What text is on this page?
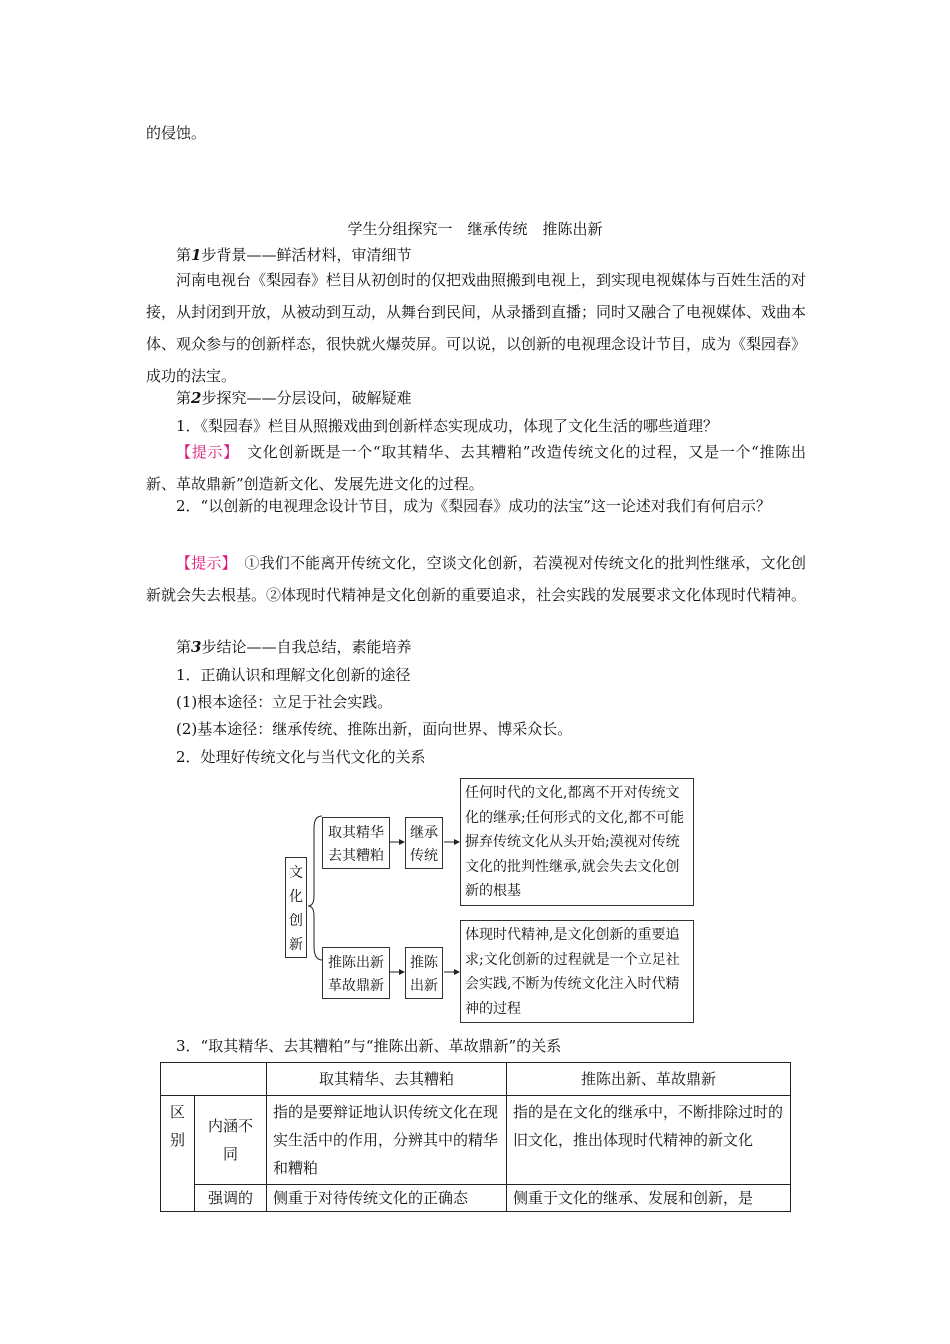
的侵蚀。
学生分组探究一　继承传统　推陈出新
第1步背景——鲜活材料，审清细节
河南电视台《梨园春》栏目从初创时的仅把戏曲照搬到电视上，到实现电视媒体与百姓生活的对接，从封闭到开放，从被动到互动，从舞台到民间，从录播到直播；同时又融合了电视媒体、戏曲本体、观众参与的创新样态，很快就火爆荧屏。可以说，以创新的电视理念设计节目，成为《梨园春》成功的法宝。
第2步探究——分层设问，破解疑难
1．《梨园春》栏目从照搬戏曲到创新样态实现成功，体现了文化生活的哪些道理？
【提示】　 文化创新既是一个“取其精华、去其糟粕”改造传统文化的过程，又是一个“推陈出新、革故鼎新”创造新文化、发展先进文化的过程。
2．“以创新的电视理念设计节目，成为《梨园春》成功的法宝”这一论述对我们有何启示？
【提示】　 ①我们不能离开传统文化，空谈文化创新，若漠视对传统文化的批判性继承，文化创新就会失去根基。②体现时代精神是文化创新的重要追求，社会实践的发展要求文化体现时代精神。
第3步结论——自我总结，素能培养
1．正确认识和理解文化创新的途径
(1)根本途径：立足于社会实践。
(2)基本途径：继承传统、推陈出新，面向世界、博采众长。
2．处理好传统文化与当代文化的关系
文
化
创
新
取其精华去其糟粕
继承传统
任何时代的文化,都离不开对传统文化的继承;任何形式的文化,都不可能摒弃传统文化从头开始;漠视对传统文化的批判性继承,就会失去文化创新的根基
推陈出新革故鼎新
推陈出新
体现时代精神,是文化创新的重要追求;文化创新的过程就是一个立足社会实践,不断为传统文化注入时代精神的过程
3．“取其精华、去其糟粕”与“推陈出新、革故鼎新”的关系
		取其精华、去其糟粕	推陈出新、革故鼎新
区别	内涵不同	指的是要辩证地认识传统文化在现实生活中的作用，分辨其中的精华和糟粕	指的是在文化的继承中，不断排除过时的旧文化，推出体现时代精神的新文化
	强调的	侧重于对待传统文化的正确态	侧重于文化的继承、发展和创新，是
